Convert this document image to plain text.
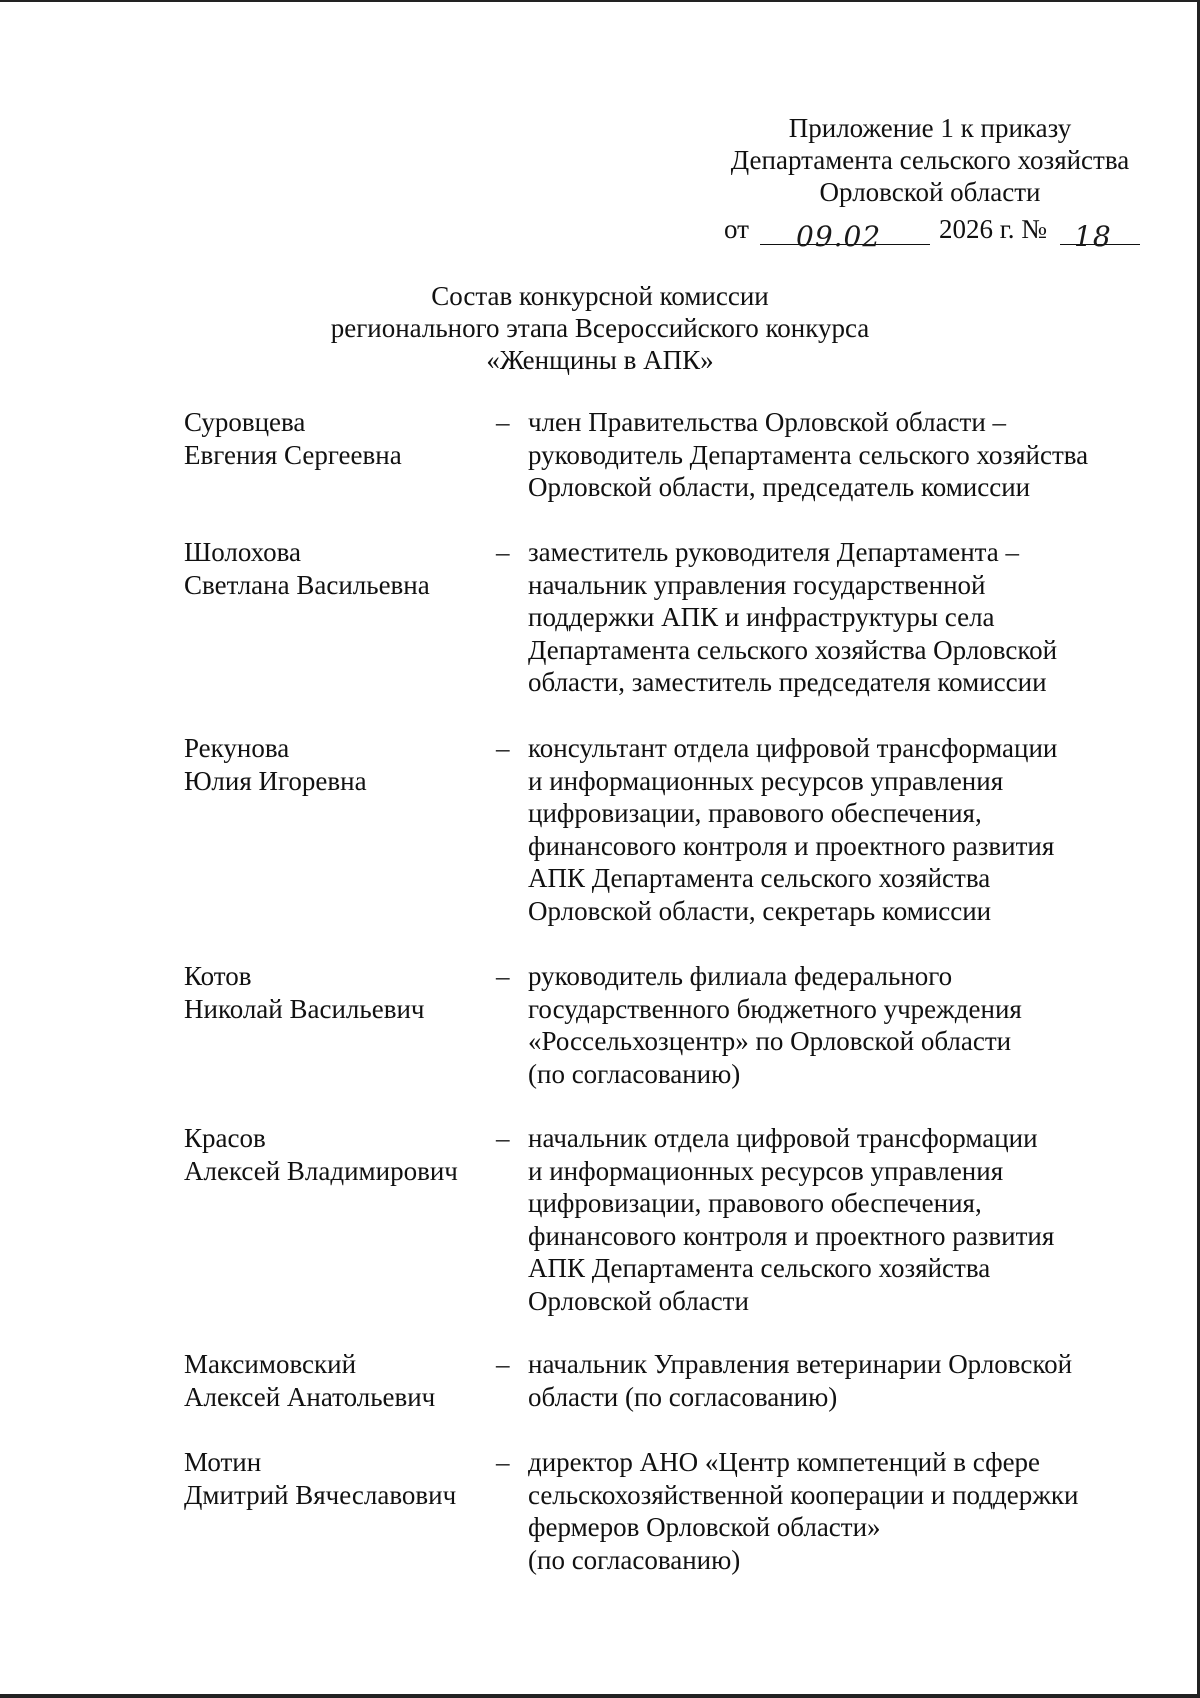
Приложение 1 к приказу
Департамента сельского хозяйства
Орловской области
от 09.02 2026 г. № 18
Состав конкурсной комиссии
регионального этапа Всероссийского конкурса
«Женщины в АПК»
Суровцева
Евгения Сергеевна
– член Правительства Орловской области –
руководитель Департамента сельского хозяйства
Орловской области, председатель комиссии
Шолохова
Светлана Васильевна
– заместитель руководителя Департамента –
начальник управления государственной
поддержки АПК и инфраструктуры села
Департамента сельского хозяйства Орловской
области, заместитель председателя комиссии
Рекунова
Юлия Игоревна
– консультант отдела цифровой трансформации
и информационных ресурсов управления
цифровизации, правового обеспечения,
финансового контроля и проектного развития
АПК Департамента сельского хозяйства
Орловской области, секретарь комиссии
Котов
Николай Васильевич
– руководитель филиала федерального
государственного бюджетного учреждения
«Россельхозцентр» по Орловской области
(по согласованию)
Красов
Алексей Владимирович
– начальник отдела цифровой трансформации
и информационных ресурсов управления
цифровизации, правового обеспечения,
финансового контроля и проектного развития
АПК Департамента сельского хозяйства
Орловской области
Максимовский
Алексей Анатольевич
– начальник Управления ветеринарии Орловской
области (по согласованию)
Мотин
Дмитрий Вячеславович
– директор АНО «Центр компетенций в сфере
сельскохозяйственной кооперации и поддержки
фермеров Орловской области»
(по согласованию)
